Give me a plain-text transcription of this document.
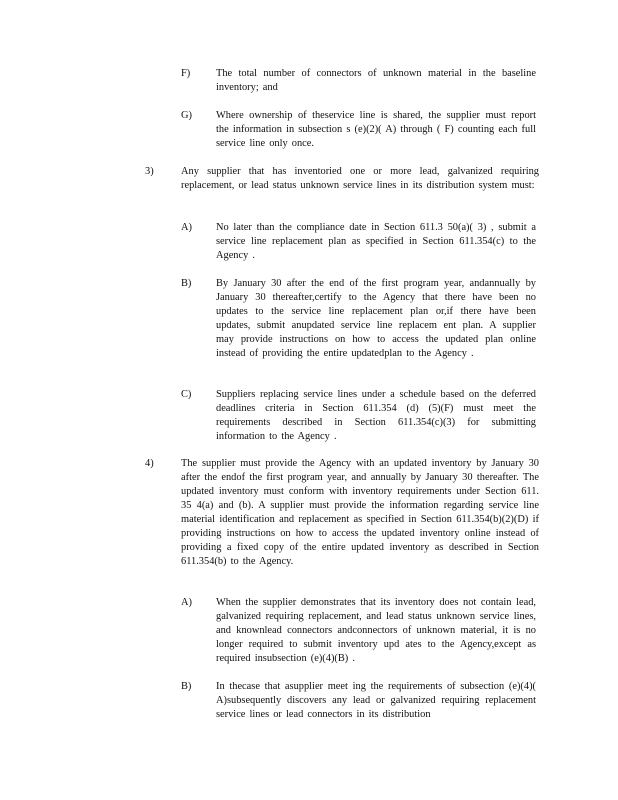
F) The total number of connectors of unknown material in the baseline inventory; and
G) Where ownership of theservice line is shared, the supplier must report the information in subsection s (e)(2)( A) through ( F) counting each full service line only once.
3)	Any supplier that has inventoried one or more lead, galvanized requiring replacement, or lead status unknown service lines in its distribution system must:
A) No later than the compliance date in Section 611.3 50(a)( 3) , submit a service line replacement plan as specified in Section 611.354(c) to the Agency .
B) By January 30 after the end of the first program year, andannually by January 30 thereafter,certify to the Agency that there have been no updates to the service line replacement plan or,if there have been updates, submit anupdated service line replacem ent plan. A supplier may provide instructions on how to access the updated plan online instead of providing the entire updatedplan to the Agency .
C) Suppliers replacing service lines under a schedule based on the deferred deadlines criteria in Section 611.354 (d) (5)(F) must meet the requirements described in Section 611.354(c)(3) for submitting information to the Agency .
4)	The supplier must provide the Agency with an updated inventory by January 30 after the endof the first program year, and annually by January 30 thereafter. The updated inventory must conform with inventory requirements under Section 611. 35 4(a) and (b). A supplier must provide the information regarding service line material identification and replacement as specified in Section 611.354(b)(2)(D) if providing instructions on how to access the updated inventory online instead of providing a fixed copy of the entire updated inventory as described in Section 611.354(b) to the Agency.
A) When the supplier demonstrates that its inventory does not contain lead, galvanized requiring replacement, and lead status unknown service lines, and knownlead connectors andconnectors of unknown material, it is no longer required to submit inventory upd ates to the Agency,except as required insubsection (e)(4)(B) .
B) In thecase that asupplier meet ing the requirements of subsection (e)(4)( A)subsequently discovers any lead or galvanized requiring replacement service lines or lead connectors in its distribution
